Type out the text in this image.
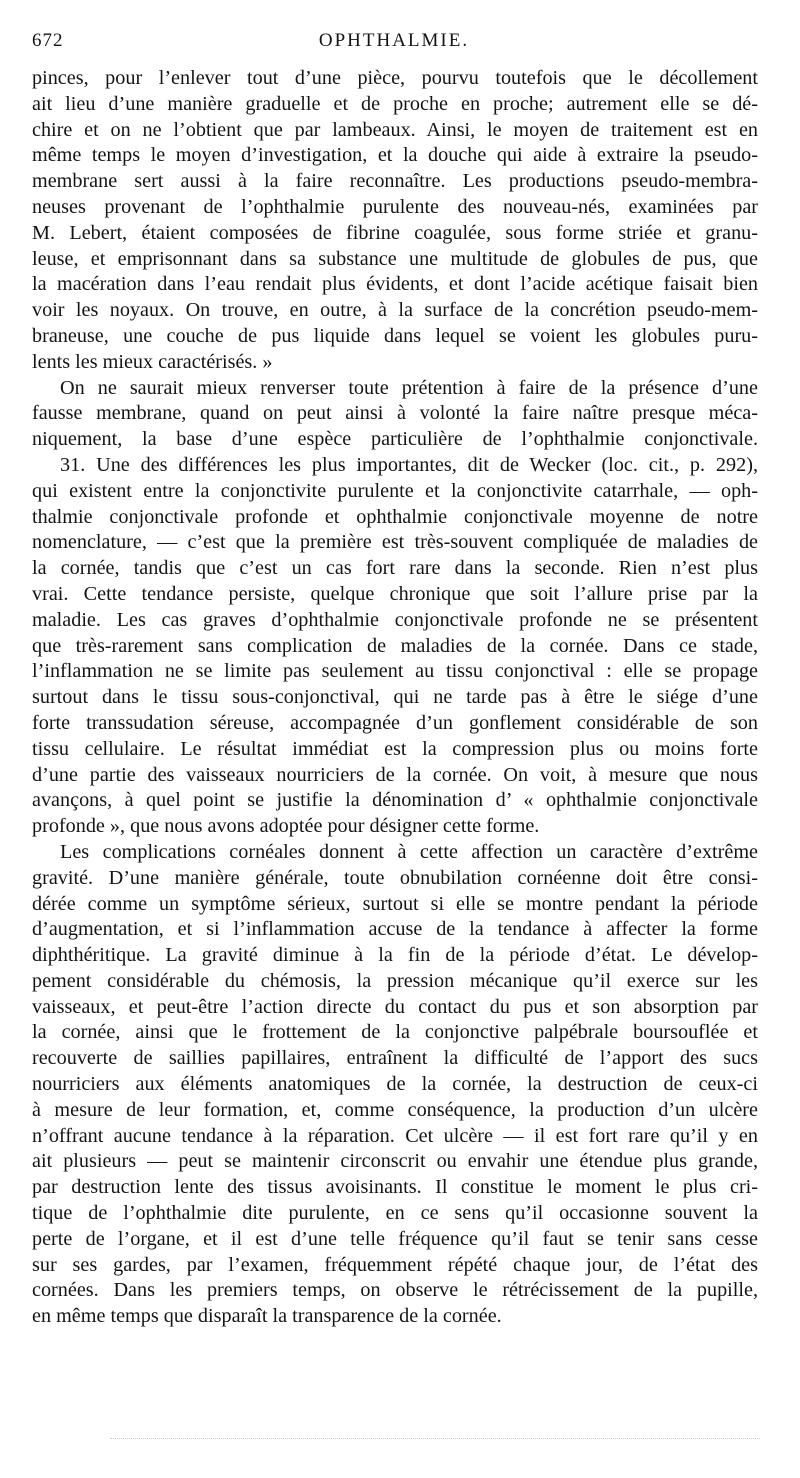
672	OPHTHALMIE.
pinces, pour l’enlever tout d’une pièce, pourvu toutefois que le décollement
ait lieu d’une manière graduelle et de proche en proche; autrement elle se dé-
chire et on ne l’obtient que par lambeaux. Ainsi, le moyen de traitement est en
même temps le moyen d’investigation, et la douche qui aide à extraire la pseudo-
membrane sert aussi à la faire reconnaître. Les productions pseudo-membra-
neuses provenant de l’ophthalmie purulente des nouveau-nés, examinées par
M. Lebert, étaient composées de fibrine coagulée, sous forme striée et granu-
leuse, et emprisonnant dans sa substance une multitude de globules de pus, que
la macération dans l’eau rendait plus évidents, et dont l’acide acétique faisait bien
voir les noyaux. On trouve, en outre, à la surface de la concrétion pseudo-mem-
braneuse, une couche de pus liquide dans lequel se voient les globules puru-
lents les mieux caractérisés. »
On ne saurait mieux renverser toute prétention à faire de la présence d’une
fausse membrane, quand on peut ainsi à volonté la faire naître presque méca-
niquement, la base d’une espèce particulière de l’ophthalmie conjonctivale.
31. Une des différences les plus importantes, dit de Wecker (loc. cit., p. 292),
qui existent entre la conjonctivite purulente et la conjonctivite catarrhale, — oph-
thalmie conjonctivale profonde et ophthalmie conjonctivale moyenne de notre
nomenclature, — c’est que la première est très-souvent compliquée de maladies de
la cornée, tandis que c’est un cas fort rare dans la seconde. Rien n’est plus
vrai. Cette tendance persiste, quelque chronique que soit l’allure prise par la
maladie. Les cas graves d’ophthalmie conjonctivale profonde ne se présentent
que très-rarement sans complication de maladies de la cornée. Dans ce stade,
l’inflammation ne se limite pas seulement au tissu conjonctival : elle se propage
surtout dans le tissu sous-conjonctival, qui ne tarde pas à être le siége d’une
forte transsudation séreuse, accompagnée d’un gonflement considérable de son
tissu cellulaire. Le résultat immédiat est la compression plus ou moins forte
d’une partie des vaisseaux nourriciers de la cornée. On voit, à mesure que nous
avançons, à quel point se justifie la dénomination d’ « ophthalmie conjonctivale
profonde », que nous avons adoptée pour désigner cette forme.
Les complications cornéales donnent à cette affection un caractère d’extrême
gravité. D’une manière générale, toute obnubilation cornéenne doit être consi-
dérée comme un symptôme sérieux, surtout si elle se montre pendant la période
d’augmentation, et si l’inflammation accuse de la tendance à affecter la forme
diphthéritique. La gravité diminue à la fin de la période d’état. Le dévelop-
pement considérable du chémosis, la pression mécanique qu’il exerce sur les
vaisseaux, et peut-être l’action directe du contact du pus et son absorption par
la cornée, ainsi que le frottement de la conjonctive palpébrale boursouflée et
recouverte de saillies papillaires, entraînent la difficulté de l’apport des sucs
nourriciers aux éléments anatomiques de la cornée, la destruction de ceux-ci
à mesure de leur formation, et, comme conséquence, la production d’un ulcère
n’offrant aucune tendance à la réparation. Cet ulcère — il est fort rare qu’il y en
ait plusieurs — peut se maintenir circonscrit ou envahir une étendue plus grande,
par destruction lente des tissus avoisinants. Il constitue le moment le plus cri-
tique de l’ophthalmie dite purulente, en ce sens qu’il occasionne souvent la
perte de l’organe, et il est d’une telle fréquence qu’il faut se tenir sans cesse
sur ses gardes, par l’examen, fréquemment répété chaque jour, de l’état des
cornées. Dans les premiers temps, on observe le rétrécissement de la pupille,
en même temps que disparaît la transparence de la cornée.
